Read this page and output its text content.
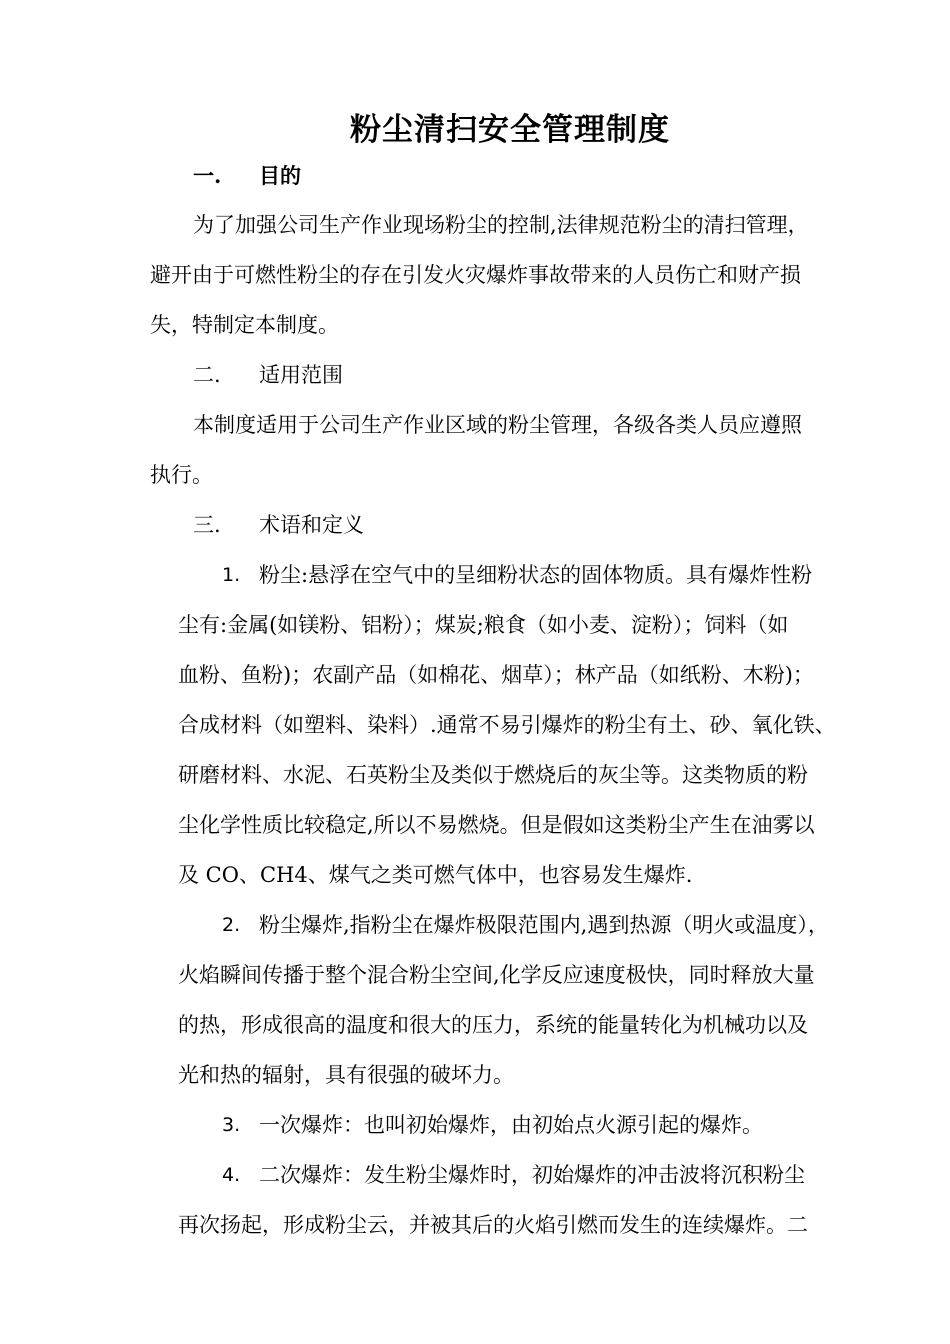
粉尘清扫安全管理制度
一. 目的
为了加强公司生产作业现场粉尘的控制,法律规范粉尘的清扫管理，
避开由于可燃性粉尘的存在引发火灾爆炸事故带来的人员伤亡和财产损
失，特制定本制度。
二. 适用范围
本制度适用于公司生产作业区域的粉尘管理，各级各类人员应遵照
执行。
三. 术语和定义
1. 粉尘:悬浮在空气中的呈细粉状态的固体物质。具有爆炸性粉
尘有:金属(如镁粉、铝粉）；煤炭;粮食（如小麦、淀粉）；饲料（如
血粉、鱼粉)；农副产品（如棉花、烟草）；林产品（如纸粉、木粉)；
合成材料（如塑料、染料）.通常不易引爆炸的粉尘有土、砂、氧化铁、
研磨材料、水泥、石英粉尘及类似于燃烧后的灰尘等。这类物质的粉
尘化学性质比较稳定,所以不易燃烧。但是假如这类粉尘产生在油雾以
及 CO、CH4、煤气之类可燃气体中，也容易发生爆炸.
2. 粉尘爆炸,指粉尘在爆炸极限范围内,遇到热源（明火或温度），
火焰瞬间传播于整个混合粉尘空间,化学反应速度极快，同时释放大量
的热，形成很高的温度和很大的压力，系统的能量转化为机械功以及
光和热的辐射，具有很强的破坏力。
3. 一次爆炸：也叫初始爆炸，由初始点火源引起的爆炸。
4. 二次爆炸：发生粉尘爆炸时，初始爆炸的冲击波将沉积粉尘
再次扬起，形成粉尘云，并被其后的火焰引燃而发生的连续爆炸。二
